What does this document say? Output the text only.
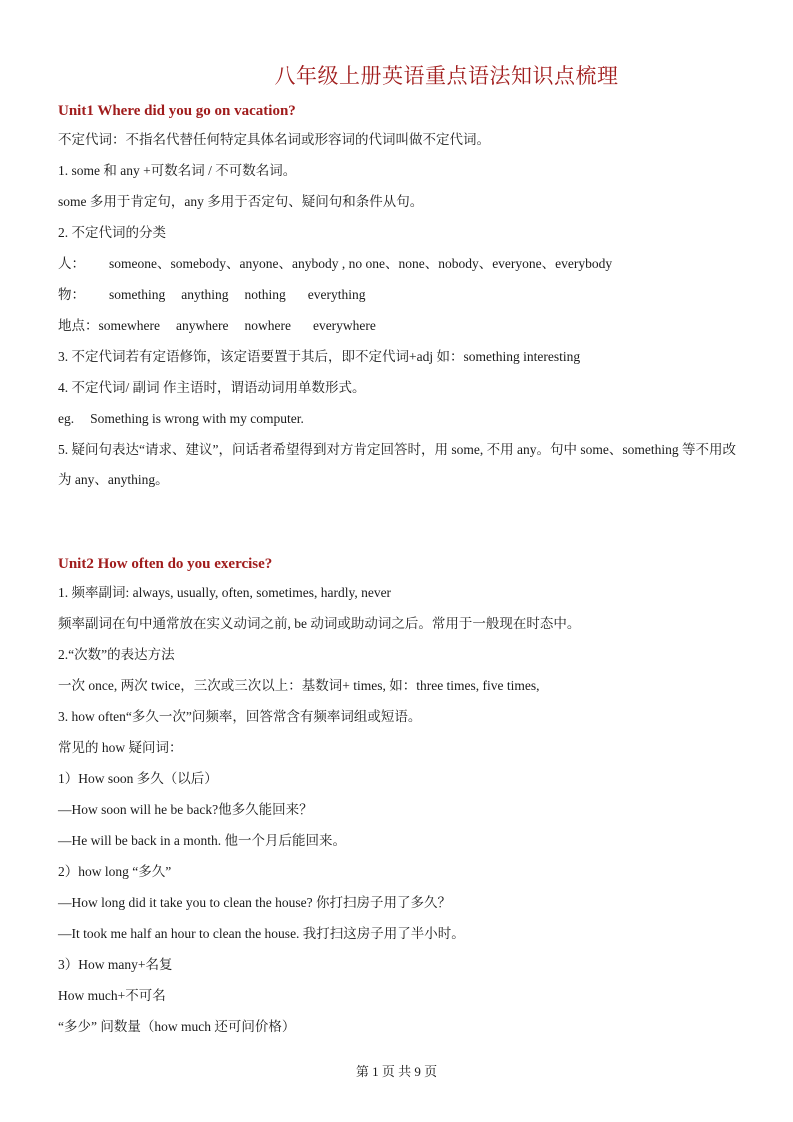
八年级上册英语重点语法知识点梳理
Unit1 Where did you go on vacation?
不定代词：不指名代替任何特定具体名词或形容词的代词叫做不定代词。
1. some 和 any +可数名词 / 不可数名词。
some 多用于肯定句，any 多用于否定句、疑问句和条件从句。
2. 不定代词的分类
人： someone、somebody、anyone、anybody , no one、none、nobody、everyone、everybody
物： something anything nothing everything
地点：somewhere anywhere nowhere everywhere
3. 不定代词若有定语修饰，该定语要置于其后，即不定代词+adj 如：something interesting
4. 不定代词/ 副词 作主语时，谓语动词用单数形式。
eg. Something is wrong with my computer.
5. 疑问句表达“请求、建议”，问话者希望得到对方肯定回答时，用 some, 不用 any。句中 some、something 等不用改为 any、anything。
Unit2 How often do you exercise?
1. 频率副词: always, usually, often, sometimes, hardly, never
频率副词在句中通常放在实义动词之前, be 动词或助动词之后。常用于一般现在时态中。
2.“次数”的表达方法
一次 once, 两次 twice，三次或三次以上：基数词+ times, 如：three times, five times,
3. how often“多久一次”问频率，回答常含有频率词组或短语。
常见的 how 疑问词：
1）How soon 多久（以后）
—How soon will he be back?他多久能回来？
—He will be back in a month. 他一个月后能回来。
2）how long “多久”
—How long did it take you to clean the house? 你打扫房子用了多久？
—It took me half an hour to clean the house. 我打扫这房子用了半小时。
3）How many+名复
How much+不可名
“多少” 问数量（how much 还可问价格）
第 1 页 共 9 页
